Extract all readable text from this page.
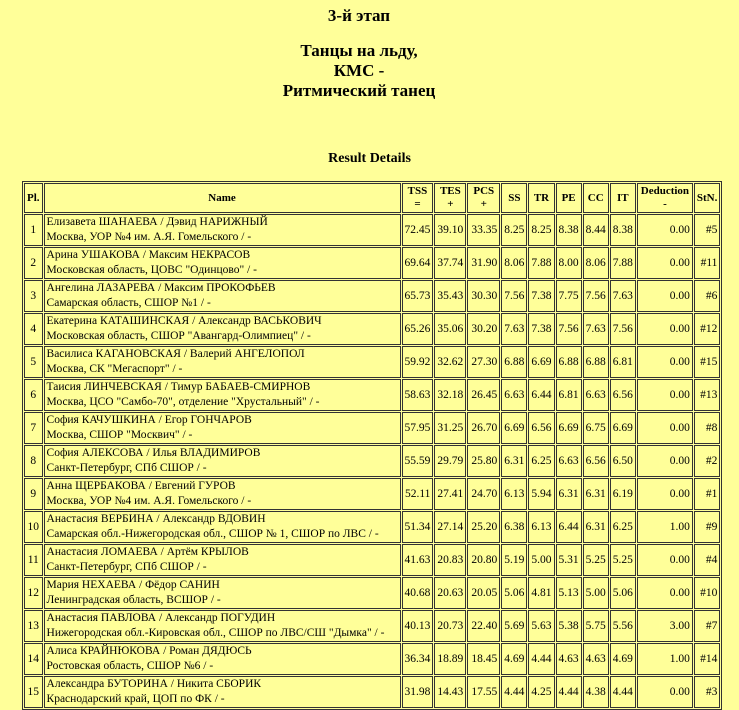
3-й этап
Танцы на льду, КМС - Ритмический танец
Result Details
Pl.	Name	TSS =	TES +	PCS +	SS	TR	PE	CC	IT	Deduction -	StN.
1	Елизавета ШАНАЕВА / Дэвид НАРИЖНЫЙ
Москва, УОР №4 им. А.Я. Гомельского / -	72.45	39.10	33.35	8.25	8.25	8.38	8.44	8.38	0.00	#5
2	Арина УШАКОВА / Максим НЕКРАСОВ
Московская область, ЦОВС "Одинцово" / -	69.64	37.74	31.90	8.06	7.88	8.00	8.06	7.88	0.00	#11
3	Ангелина ЛАЗАРЕВА / Максим ПРОКОФЬЕВ
Самарская область, СШОР №1 / -	65.73	35.43	30.30	7.56	7.38	7.75	7.56	7.63	0.00	#6
4	Екатерина КАТАШИНСКАЯ / Александр ВАСЬКОВИЧ
Московская область, СШОР "Авангард-Олимпиец" / -	65.26	35.06	30.20	7.63	7.38	7.56	7.63	7.56	0.00	#12
5	Василиса КАГАНОВСКАЯ / Валерий АНГЕЛОПОЛ
Москва, СК "Мегаспорт" / -	59.92	32.62	27.30	6.88	6.69	6.88	6.88	6.81	0.00	#15
6	Таисия ЛИНЧЕВСКАЯ / Тимур БАБАЕВ-СМИРНОВ
Москва, ЦСО "Самбо-70", отделение "Хрустальный" / -	58.63	32.18	26.45	6.63	6.44	6.81	6.63	6.56	0.00	#13
7	София КАЧУШКИНА / Егор ГОНЧАРОВ
Москва, СШОР "Москвич" / -	57.95	31.25	26.70	6.69	6.56	6.69	6.75	6.69	0.00	#8
8	София АЛЕКСОВА / Илья ВЛАДИМИРОВ
Санкт-Петербург, СПб СШОР / -	55.59	29.79	25.80	6.31	6.25	6.63	6.56	6.50	0.00	#2
9	Анна ЩЕРБАКОВА / Евгений ГУРОВ
Москва, УОР №4 им. А.Я. Гомельского / -	52.11	27.41	24.70	6.13	5.94	6.31	6.31	6.19	0.00	#1
10	Анастасия ВЕРБИНА / Александр ВДОВИН
Самарская обл.-Нижегородская обл., СШОР № 1, СШОР по ЛВС / -	51.34	27.14	25.20	6.38	6.13	6.44	6.31	6.25	1.00	#9
11	Анастасия ЛОМАЕВА / Артём КРЫЛОВ
Санкт-Петербург, СПб СШОР / -	41.63	20.83	20.80	5.19	5.00	5.31	5.25	5.25	0.00	#4
12	Мария НЕХАЕВА / Фёдор САНИН
Ленинградская область, ВСШОР / -	40.68	20.63	20.05	5.06	4.81	5.13	5.00	5.06	0.00	#10
13	Анастасия ПАВЛОВА / Александр ПОГУДИН
Нижегородская обл.-Кировская обл., СШОР по ЛВС/СШ "Дымка" / -	40.13	20.73	22.40	5.69	5.63	5.38	5.75	5.56	3.00	#7
14	Алиса КРАЙНЮКОВА / Роман ДЯДЮСЬ
Ростовская область, СШОР №6 / -	36.34	18.89	18.45	4.69	4.44	4.63	4.63	4.69	1.00	#14
15	Александра БУТОРИНА / Никита СБОРИК
Краснодарский край, ЦОП по ФК / -	31.98	14.43	17.55	4.44	4.25	4.44	4.38	4.44	0.00	#3
